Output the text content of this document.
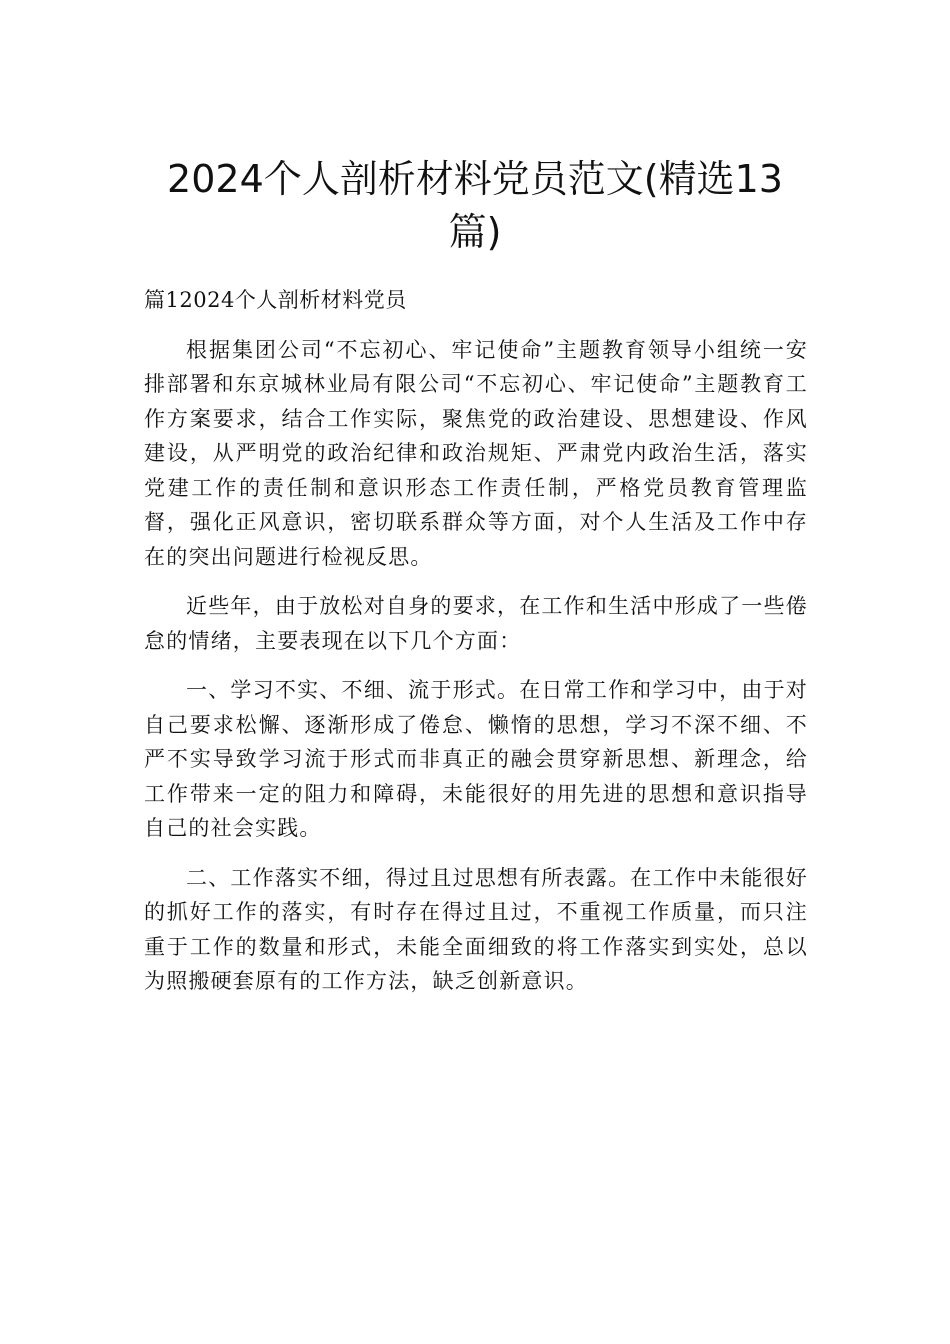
2024个人剖析材料党员范文(精选13
篇)

篇12024个人剖析材料党员

根据集团公司“不忘初心、牢记使命”主题教育领导小组统一安排部署和东京城林业局有限公司“不忘初心、牢记使命”主题教育工作方案要求，结合工作实际，聚焦党的政治建设、思想建设、作风建设，从严明党的政治纪律和政治规矩、严肃党内政治生活，落实党建工作的责任制和意识形态工作责任制，严格党员教育管理监督，强化正风意识，密切联系群众等方面，对个人生活及工作中存在的突出问题进行检视反思。

近些年，由于放松对自身的要求，在工作和生活中形成了一些倦怠的情绪，主要表现在以下几个方面：

一、学习不实、不细、流于形式。在日常工作和学习中，由于对自己要求松懈、逐渐形成了倦怠、懒惰的思想，学习不深不细、不严不实导致学习流于形式而非真正的融会贯穿新思想、新理念，给工作带来一定的阻力和障碍，未能很好的用先进的思想和意识指导自己的社会实践。

二、工作落实不细，得过且过思想有所表露。在工作中未能很好的抓好工作的落实，有时存在得过且过，不重视工作质量，而只注重于工作的数量和形式，未能全面细致的将工作落实到实处，总以为照搬硬套原有的工作方法，缺乏创新意识。
